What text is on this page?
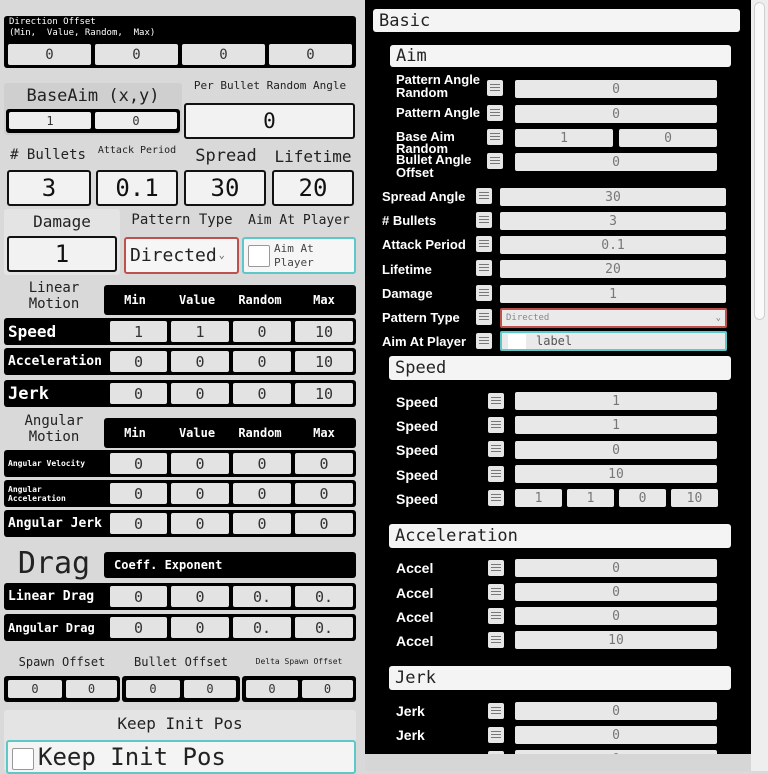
Direction Offset
(Min,  Value, Random,  Max)
0	0	0	0
BaseAim (x,y)
1	0
Per Bullet Random Angle
0
# Bullets	Attack Period	Spread	Lifetime
3	0.1	30	20
Damage
1
Pattern Type
Directed ⌄
Aim At Player
Aim At Player
Linear Motion	Min	Value	Random	Max
Speed	1	1	0	10
Acceleration	0	0	0	10
Jerk	0	0	0	10
Angular Motion	Min	Value	Random	Max
Angular Velocity	0	0	0	0
Angular Acceleration	0	0	0	0
Angular Jerk	0	0	0	0
Drag	Coeff. Exponent
Linear Drag	0	0	0.	0.
Angular Drag	0	0	0.	0.
Spawn Offset	Bullet Offset	Delta Spawn Offset
0	0	0	0	0	0
Keep Init Pos
Keep Init Pos
Basic
Aim
Pattern Angle Random	0
Pattern Angle	0
Base Aim Random
1	0
Bullet Angle Offset
0
Spread Angle	30
# Bullets	3
Attack Period	0.1
Lifetime	20
Damage	1
Pattern Type	Directed	⌄
Aim At Player	label
Speed
Speed	1
Speed	1
Speed	0
Speed	10
Speed	1	1	0	10
Acceleration
Accel	0
Accel	0
Accel	0
Accel	10
Jerk
Jerk	0
Jerk	0
